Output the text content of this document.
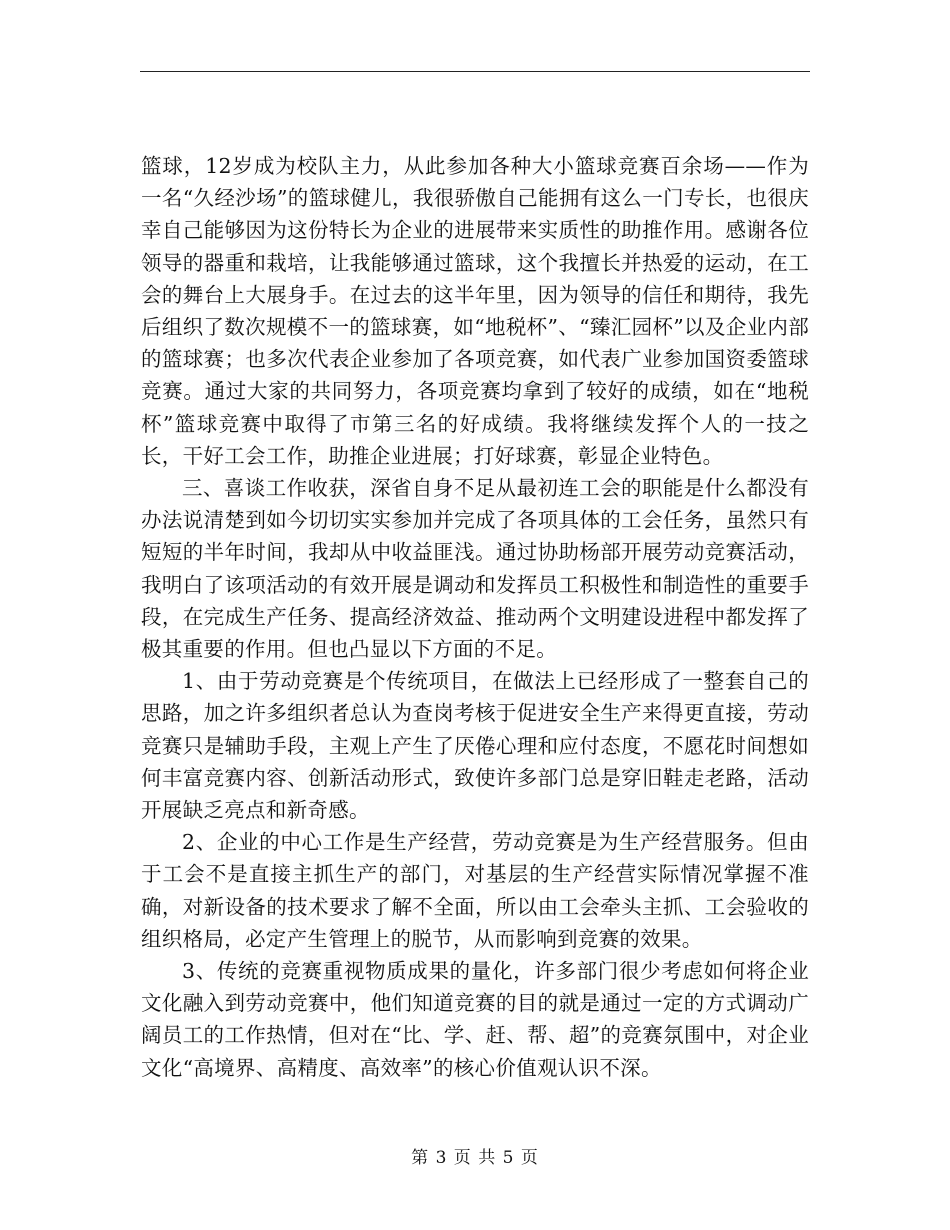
篮球，12岁成为校队主力，从此参加各种大小篮球竞赛百余场——作为一名“久经沙场”的篮球健儿，我很骄傲自己能拥有这么一门专长，也很庆幸自己能够因为这份特长为企业的进展带来实质性的助推作用。感谢各位领导的器重和栽培，让我能够通过篮球，这个我擅长并热爱的运动，在工会的舞台上大展身手。在过去的这半年里，因为领导的信任和期待，我先后组织了数次规模不一的篮球赛，如“地税杯”、“臻汇园杯”以及企业内部的篮球赛；也多次代表企业参加了各项竞赛，如代表广业参加国资委篮球竞赛。通过大家的共同努力，各项竞赛均拿到了较好的成绩，如在“地税杯”篮球竞赛中取得了市第三名的好成绩。我将继续发挥个人的一技之长，干好工会工作，助推企业进展；打好球赛，彰显企业特色。

三、喜谈工作收获，深省自身不足从最初连工会的职能是什么都没有办法说清楚到如今切切实实参加并完成了各项具体的工会任务，虽然只有短短的半年时间，我却从中收益匪浅。通过协助杨部开展劳动竞赛活动，我明白了该项活动的有效开展是调动和发挥员工积极性和制造性的重要手段，在完成生产任务、提高经济效益、推动两个文明建设进程中都发挥了极其重要的作用。但也凸显以下方面的不足。

1、由于劳动竞赛是个传统项目，在做法上已经形成了一整套自己的思路，加之许多组织者总认为查岗考核于促进安全生产来得更直接，劳动竞赛只是辅助手段，主观上产生了厌倦心理和应付态度，不愿花时间想如何丰富竞赛内容、创新活动形式，致使许多部门总是穿旧鞋走老路，活动开展缺乏亮点和新奇感。

2、企业的中心工作是生产经营，劳动竞赛是为生产经营服务。但由于工会不是直接主抓生产的部门，对基层的生产经营实际情况掌握不准确，对新设备的技术要求了解不全面，所以由工会牵头主抓、工会验收的组织格局，必定产生管理上的脱节，从而影响到竞赛的效果。

3、传统的竞赛重视物质成果的量化，许多部门很少考虑如何将企业文化融入到劳动竞赛中，他们知道竞赛的目的就是通过一定的方式调动广阔员工的工作热情，但对在“比、学、赶、帮、超”的竞赛氛围中，对企业文化“高境界、高精度、高效率”的核心价值观认识不深。

第 3 页 共 5 页
